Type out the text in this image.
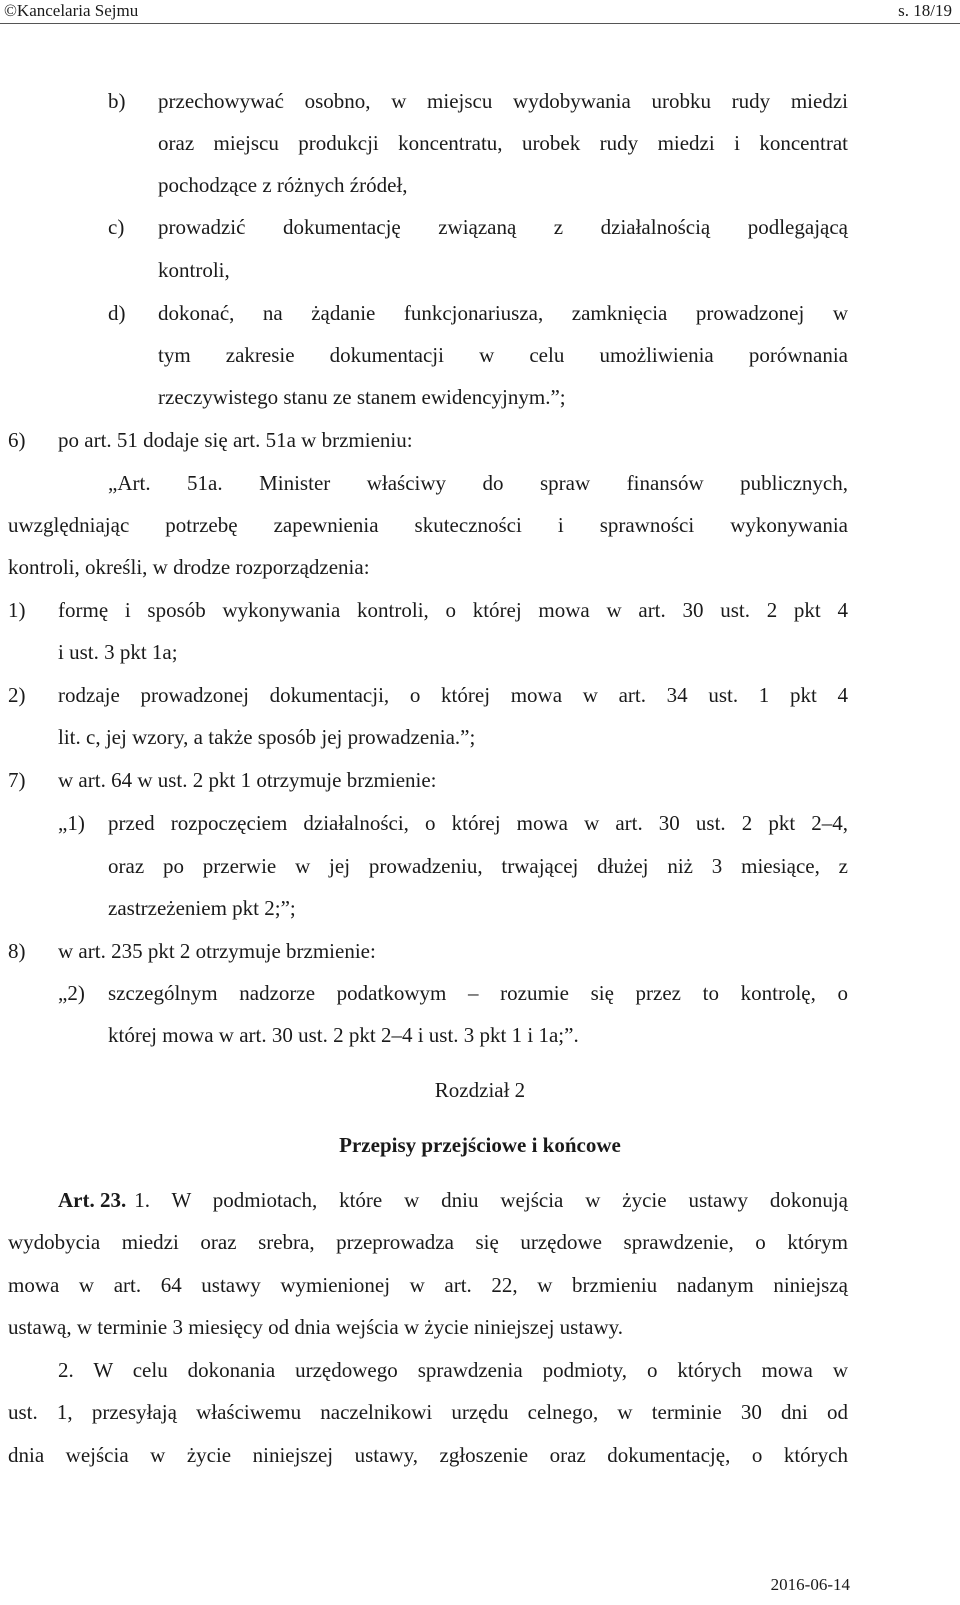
©Kancelaria Sejmu	s. 18/19
b) przechowywać osobno, w miejscu wydobywania urobku rudy miedzi
oraz miejscu produkcji koncentratu, urobek rudy miedzi i koncentrat
pochodzące z różnych źródeł,
c) prowadzić dokumentację związaną z działalnością podlegającą
kontroli,
d) dokonać, na żądanie funkcjonariusza, zamknięcia prowadzonej w
tym zakresie dokumentacji w celu umożliwienia porównania
rzeczywistego stanu ze stanem ewidencyjnym.”;
6) po art. 51 dodaje się art. 51a w brzmieniu:
„Art. 51a. Minister właściwy do spraw finansów publicznych,
uwzględniając potrzebę zapewnienia skuteczności i sprawności wykonywania
kontroli, określi, w drodze rozporządzenia:
1) formę i sposób wykonywania kontroli, o której mowa w art. 30 ust. 2 pkt 4
i ust. 3 pkt 1a;
2) rodzaje prowadzonej dokumentacji, o której mowa w art. 34 ust. 1 pkt 4
lit. c, jej wzory, a także sposób jej prowadzenia.”;
7) w art. 64 w ust. 2 pkt 1 otrzymuje brzmienie:
„1) przed rozpoczęciem działalności, o której mowa w art. 30 ust. 2 pkt 2–4,
oraz po przerwie w jej prowadzeniu, trwającej dłużej niż 3 miesiące, z
zastrzeżeniem pkt 2;”;
8) w art. 235 pkt 2 otrzymuje brzmienie:
„2) szczególnym nadzorze podatkowym – rozumie się przez to kontrolę, o
której mowa w art. 30 ust. 2 pkt 2–4 i ust. 3 pkt 1 i 1a;”.
Rozdział 2
Przepisy przejściowe i końcowe
Art. 23. 1. W podmiotach, które w dniu wejścia w życie ustawy dokonują
wydobycia miedzi oraz srebra, przeprowadza się urzędowe sprawdzenie, o którym
mowa w art. 64 ustawy wymienionej w art. 22, w brzmieniu nadanym niniejszą
ustawą, w terminie 3 miesięcy od dnia wejścia w życie niniejszej ustawy.
2. W celu dokonania urzędowego sprawdzenia podmioty, o których mowa w
ust. 1, przesyłają właściwemu naczelnikowi urzędu celnego, w terminie 30 dni od
dnia wejścia w życie niniejszej ustawy, zgłoszenie oraz dokumentację, o których
2016-06-14
